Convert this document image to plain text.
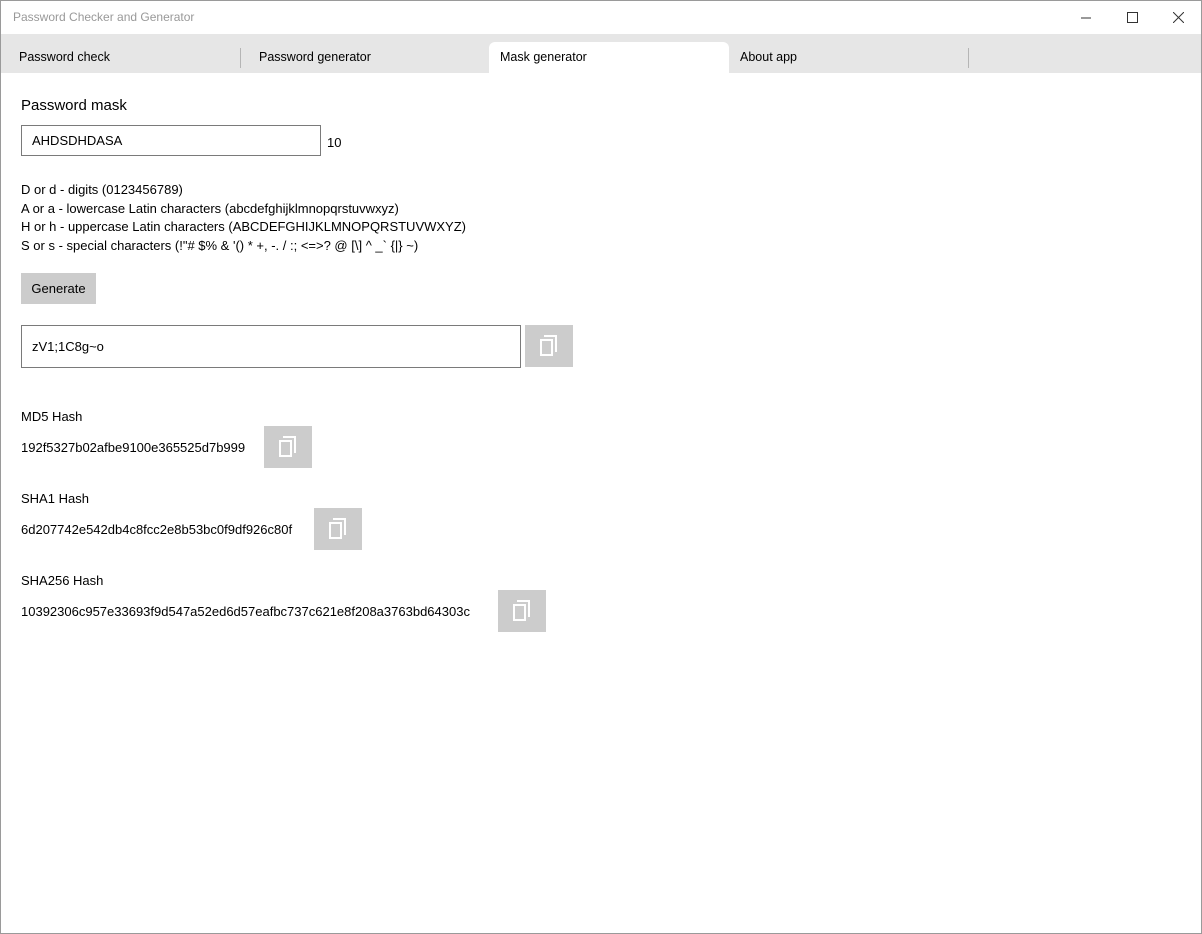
Password Checker and Generator
Password check	Password generator	Mask generator	About app
Password mask
AHDSDHDASA
10
D or d - digits (0123456789)
A or a - lowercase Latin characters (abcdefghijklmnopqrstuvwxyz)
H or h - uppercase Latin characters (ABCDEFGHIJKLMNOPQRSTUVWXYZ)
S or s - special characters (!"# $% & '() * +, -. / :; <=>? @ [\] ^ _` {|} ~)
Generate
zV1;1C8g~o
MD5 Hash
192f5327b02afbe9100e365525d7b999
SHA1 Hash
6d207742e542db4c8fcc2e8b53bc0f9df926c80f
SHA256 Hash
10392306c957e33693f9d547a52ed6d57eafbc737c621e8f208a3763bd64303c
